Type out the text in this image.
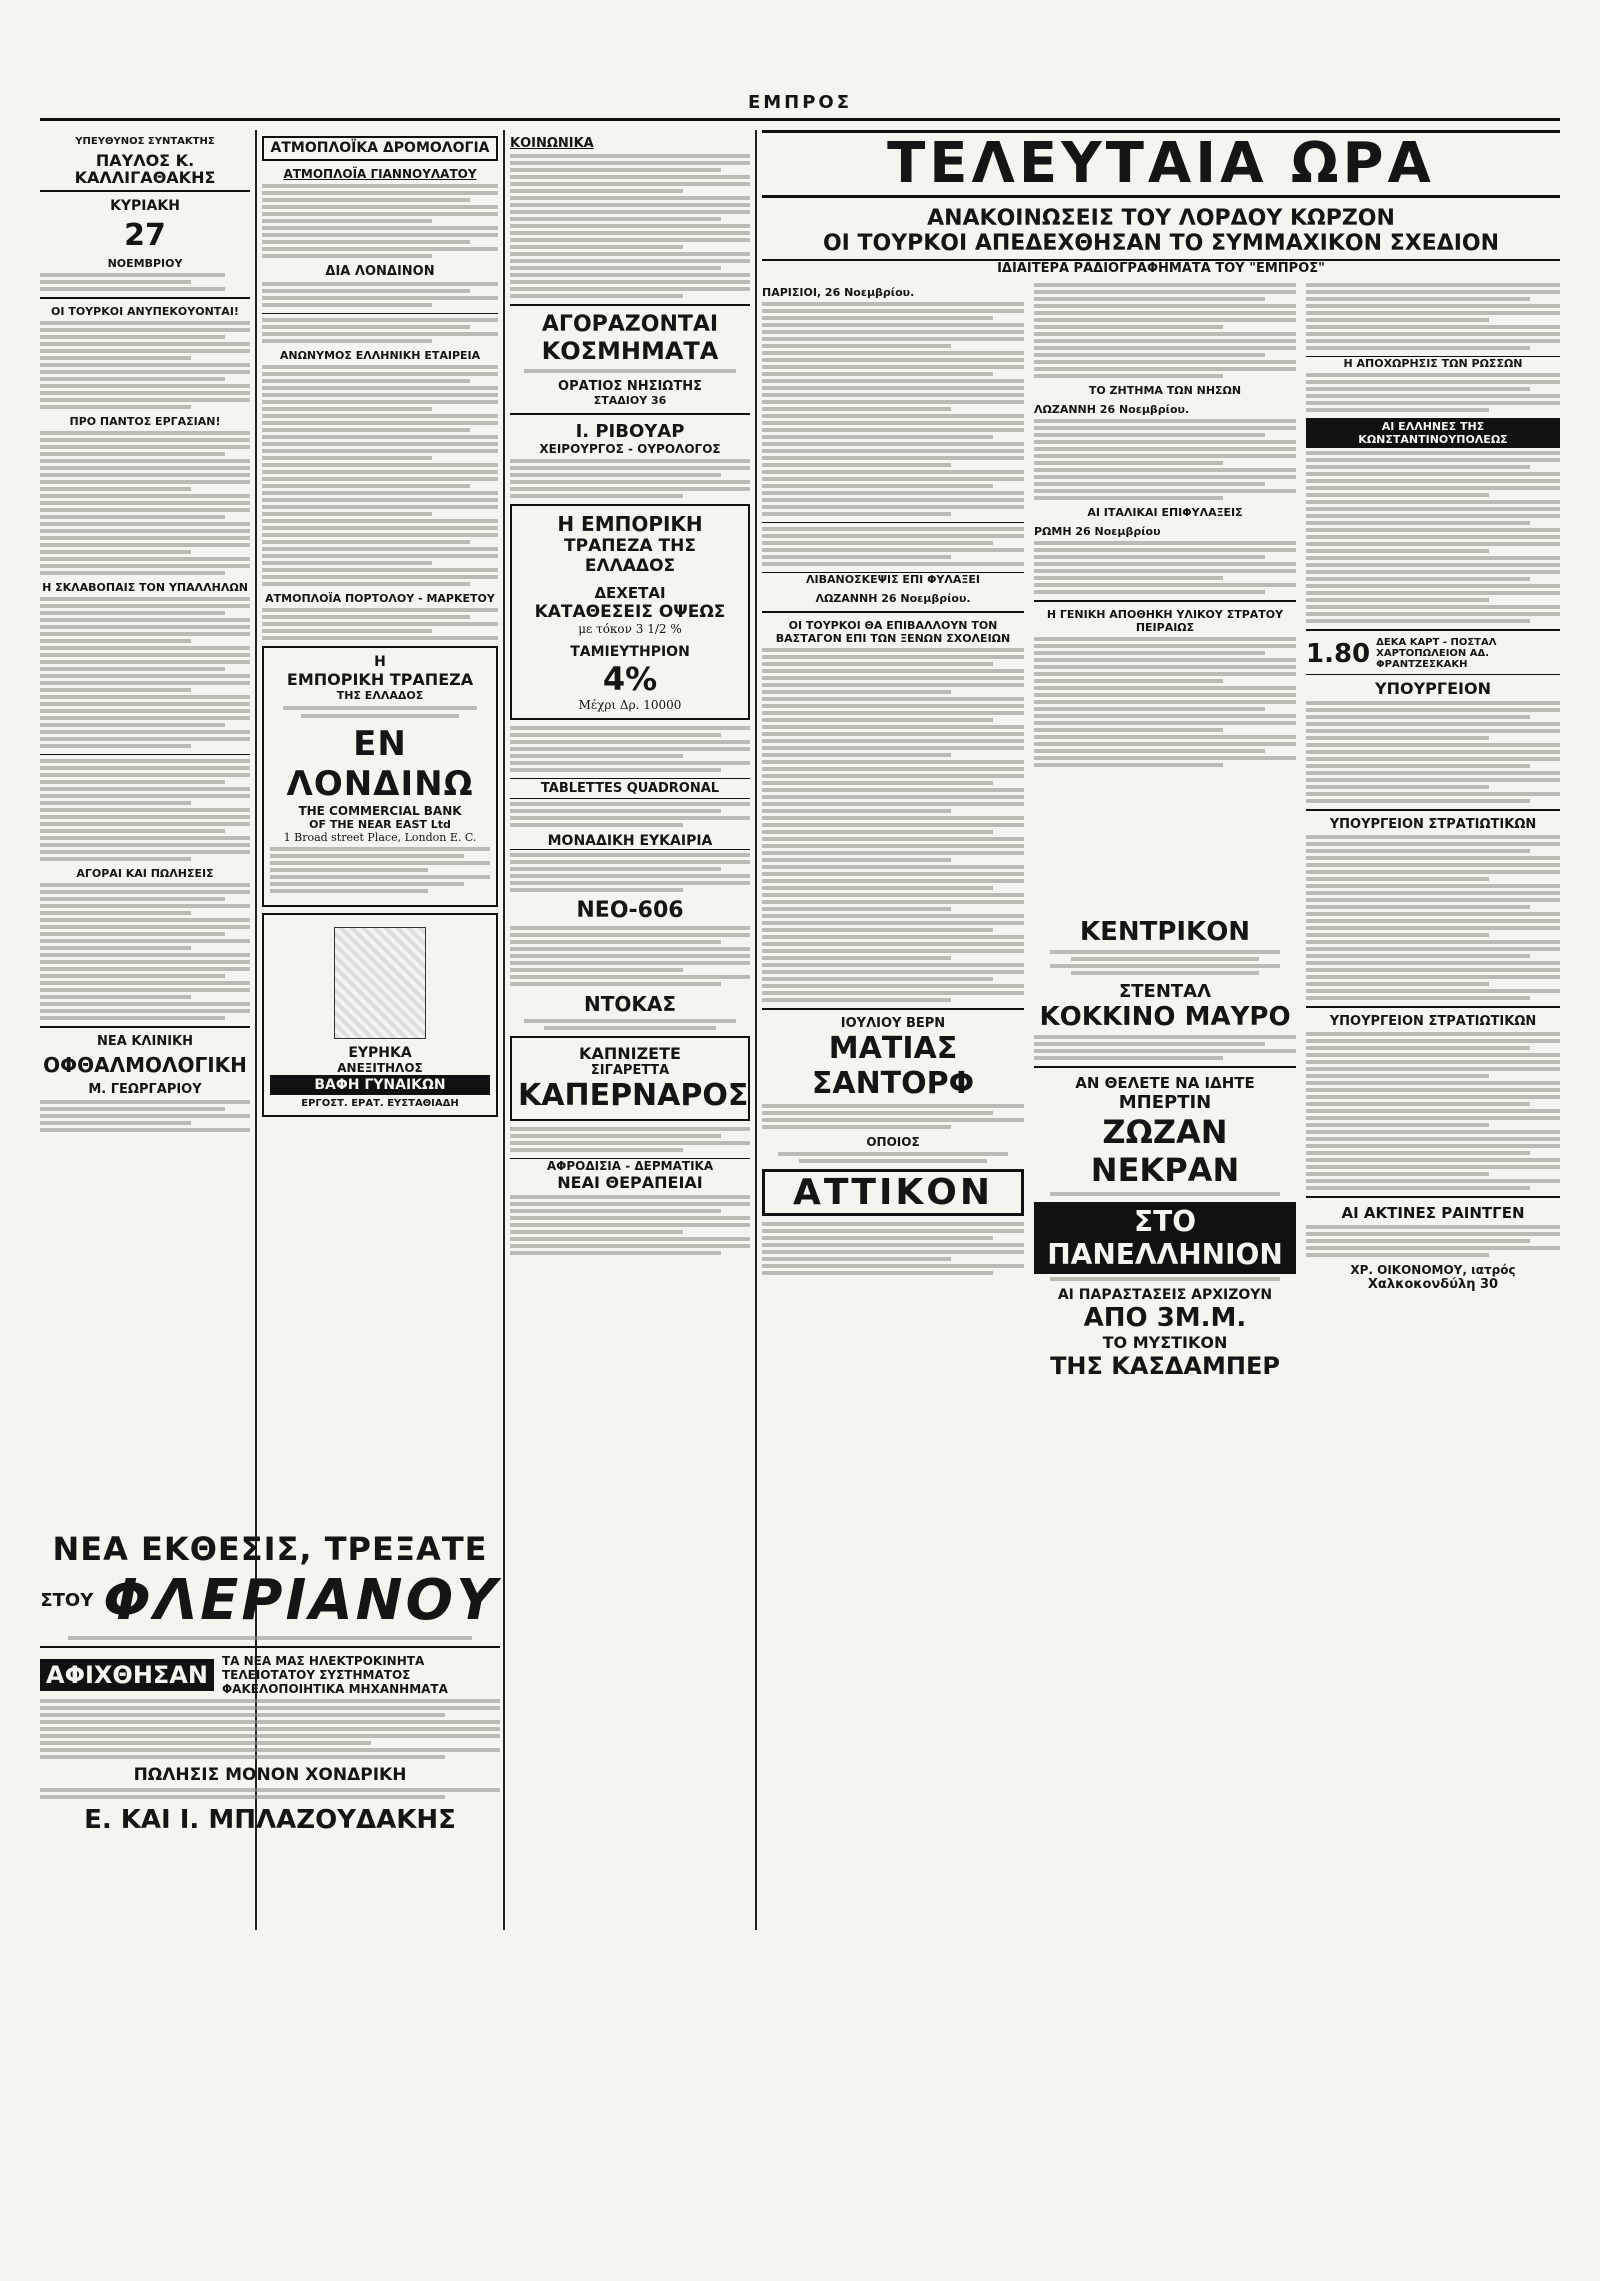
ΕΜΠΡΟΣ
ΥΠΕΥΘΥΝΟΣ ΣΥΝΤΑΚΤΗΣ
ΠΑΥΛΟΣ Κ. ΚΑΛΛΙΓΑΘΑΚΗΣ
ΚΥΡΙΑΚΗ
27
ΝΟΕΜΒΡΙΟΥ
ΟΙ ΤΟΥΡΚΟΙ ΑΝΥΠΕΚΟΥΟΝΤΑΙ!
ΠΡΟ ΠΑΝΤΟΣ ΕΡΓΑΣΙΑΝ!
Η ΣΚΛΑΒΟΠΑΙΣ ΤΟΝ ΥΠΑΛΛΗΛΩΝ
ΑΓΟΡΑΙ ΚΑΙ ΠΩΛΗΣΕΙΣ
ΝΕΑ ΚΛΙΝΙΚΗ
ΟΦΘΑΛΜΟΛΟΓΙΚΗ
Μ. ΓΕΩΡΓΑΡΙΟΥ
ΑΤΜΟΠΛΟΪΚΑ ΔΡΟΜΟΛΟΓΙΑ
ΑΤΜΟΠΛΟΪΑ ΓΙΑΝΝΟΥΛΑΤΟΥ
ΔΙΑ ΛΟΝΔΙΝΟΝ
ΑΝΩΝΥΜΟΣ ΕΛΛΗΝΙΚΗ ΕΤΑΙΡΕΙΑ
ΑΤΜΟΠΛΟΪΑ ΠΟΡΤΟΛΟΥ - ΜΑΡΚΕΤΟΥ
Η
ΕΜΠΟΡΙΚΗ ΤΡΑΠΕΖΑ
ΤΗΣ ΕΛΛΑΔΟΣ
ΕΝ ΛΟΝΔΙΝΩ
THE COMMERCIAL BANK
OF THE NEAR EAST Ltd
1 Broad street Place, London E. C.
ΕΥΡΗΚΑ
ΑΝΕΞΙΤΗΛΟΣ
ΒΑΦΗ ΓΥΝΑΙΚΩΝ
ΕΡΓΟΣΤ. ΕΡΑΤ. ΕΥΣΤΑΘΙΑΔΗ
ΚΟΙΝΩΝΙΚΑ
ΑΓΟΡΑΖΟΝΤΑΙ
ΚΟΣΜΗΜΑΤΑ
ΟΡΑΤΙΟΣ ΝΗΣΙΩΤΗΣ
ΣΤΑΔΙΟΥ 36
Ι. ΡΙΒΟΥΑΡ
ΧΕΙΡΟΥΡΓΟΣ - ΟΥΡΟΛΟΓΟΣ
Η ΕΜΠΟΡΙΚΗ
ΤΡΑΠΕΖΑ ΤΗΣ ΕΛΛΑΔΟΣ
ΔΕΧΕΤΑΙ
ΚΑΤΑΘΕΣΕΙΣ ΟΨΕΩΣ
με τόκον 3 1/2 %
ΤΑΜΙΕΥΤΗΡΙΟΝ
4%
Μέχρι Δρ. 10000
TABLETTES QUADRONAL
ΜΟΝΑΔΙΚΗ ΕΥΚΑΙΡΙΑ
ΝΕΟ-606
ΝΤΟΚΑΣ
ΚΑΠΝΙΖΕΤΕ
ΣΙΓΑΡΕΤΤΑ
ΚΑΠΕΡΝΑΡΟΣ
ΑΦΡΟΔΙΣΙΑ - ΔΕΡΜΑΤΙΚΑ
ΝΕΑΙ ΘΕΡΑΠΕΙΑΙ
ΤΕΛΕΥΤΑΙΑ ΩΡΑ
ΑΝΑΚΟΙΝΩΣΕΙΣ ΤΟΥ ΛΟΡΔΟΥ ΚΩΡΖΟΝ
ΟΙ ΤΟΥΡΚΟΙ ΑΠΕΔΕΧΘΗΣΑΝ ΤΟ ΣΥΜΜΑΧΙΚΟΝ ΣΧΕΔΙΟΝ
ΙΔΙΑΙΤΕΡΑ ΡΑΔΙΟΓΡΑΦΗΜΑΤΑ ΤΟΥ "ΕΜΠΡΟΣ"
ΠΑΡΙΣΙΟΙ, 26 Νοεμβρίου.
ΛΙΒΑΝΟΣΚΕΨΙΣ ΕΠΙ ΦΥΛΑΞΕΙ
ΛΩΖΑΝΝΗ 26 Νοεμβρίου.
ΟΙ ΤΟΥΡΚΟΙ ΘΑ ΕΠΙΒΑΛΛΟΥΝ ΤΟΝ ΒΑΣΤΑΓΟΝ ΕΠΙ ΤΩΝ ΞΕΝΩΝ ΣΧΟΛΕΙΩΝ
ΙΟΥΛΙΟΥ ΒΕΡΝ
ΜΑΤΙΑΣ ΣΑΝΤΟΡΦ
ΟΠΟΙΟΣ
ΑΤΤΙΚΟΝ
ΤΟ ΖΗΤΗΜΑ ΤΩΝ ΝΗΣΩΝ
ΛΩΖΑΝΝΗ 26 Νοεμβρίου.
ΑΙ ΙΤΑΛΙΚΑΙ ΕΠΙΦΥΛΑΞΕΙΣ
ΡΩΜΗ 26 Νοεμβρίου
Η ΓΕΝΙΚΗ ΑΠΟΘΗΚΗ ΥΛΙΚΟΥ ΣΤΡΑΤΟΥ ΠΕΙΡΑΙΩΣ
ΚΕΝΤΡΙΚΟΝ
ΣΤΕΝΤΑΛ
ΚΟΚΚΙΝΟ ΜΑΥΡΟ
ΑΝ ΘΕΛΕΤΕ ΝΑ ΙΔΗΤΕ
ΜΠΕΡΤΙΝ
ΖΩΖΑΝ ΝΕΚΡΑΝ
ΣΤΟ ΠΑΝΕΛΛΗΝΙΟΝ
ΑΙ ΠΑΡΑΣΤΑΣΕΙΣ ΑΡΧΙΖΟΥΝ
ΑΠΟ 3Μ.Μ.
ΤΟ ΜΥΣΤΙΚΟΝ
ΤΗΣ ΚΑΣΔΑΜΠΕΡ
Η ΑΠΟΧΩΡΗΣΙΣ ΤΩΝ ΡΩΣΣΩΝ
ΑΙ ΕΛΛΗΝΕΣ ΤΗΣ ΚΩΝΣΤΑΝΤΙΝΟΥΠΟΛΕΩΣ
1.80 ΔΕΚΑ ΚΑΡΤ - ΠΟΣΤΑΛ ΧΑΡΤΟΠΩΛΕΙΟΝ ΑΔ. ΦΡΑΝΤΖΕΣΚΑΚΗ
ΥΠΟΥΡΓΕΙΟΝ
ΥΠΟΥΡΓΕΙΟΝ ΣΤΡΑΤΙΩΤΙΚΩΝ
ΥΠΟΥΡΓΕΙΟΝ ΣΤΡΑΤΙΩΤΙΚΩΝ
ΑΙ ΑΚΤΙΝΕΣ ΡΑΙΝΤΓΕΝ
ΧΡ. ΟΙΚΟΝΟΜΟΥ, ιατρός
Χαλκοκονδύλη 30
ΝΕΑ ΕΚΘΕΣΙΣ, ΤΡΕΞΑΤΕ
ΣΤΟΥ ΦΛΕΡΙΑΝΟΥ
ΑΦΙΧΘΗΣΑΝ	ΤΑ ΝΕΑ ΜΑΣ ΗΛΕΚΤΡΟΚΙΝΗΤΑ ΤΕΛΕΙΟΤΑΤΟΥ ΣΥΣΤΗΜΑΤΟΣ ΦΑΚΕΛΟΠΟΙΗΤΙΚΑ ΜΗΧΑΝΗΜΑΤΑ
ΠΩΛΗΣΙΣ ΜΟΝΟΝ ΧΟΝΔΡΙΚΗ
Ε. ΚΑΙ Ι. ΜΠΛΑΖΟΥΔΑΚΗΣ
